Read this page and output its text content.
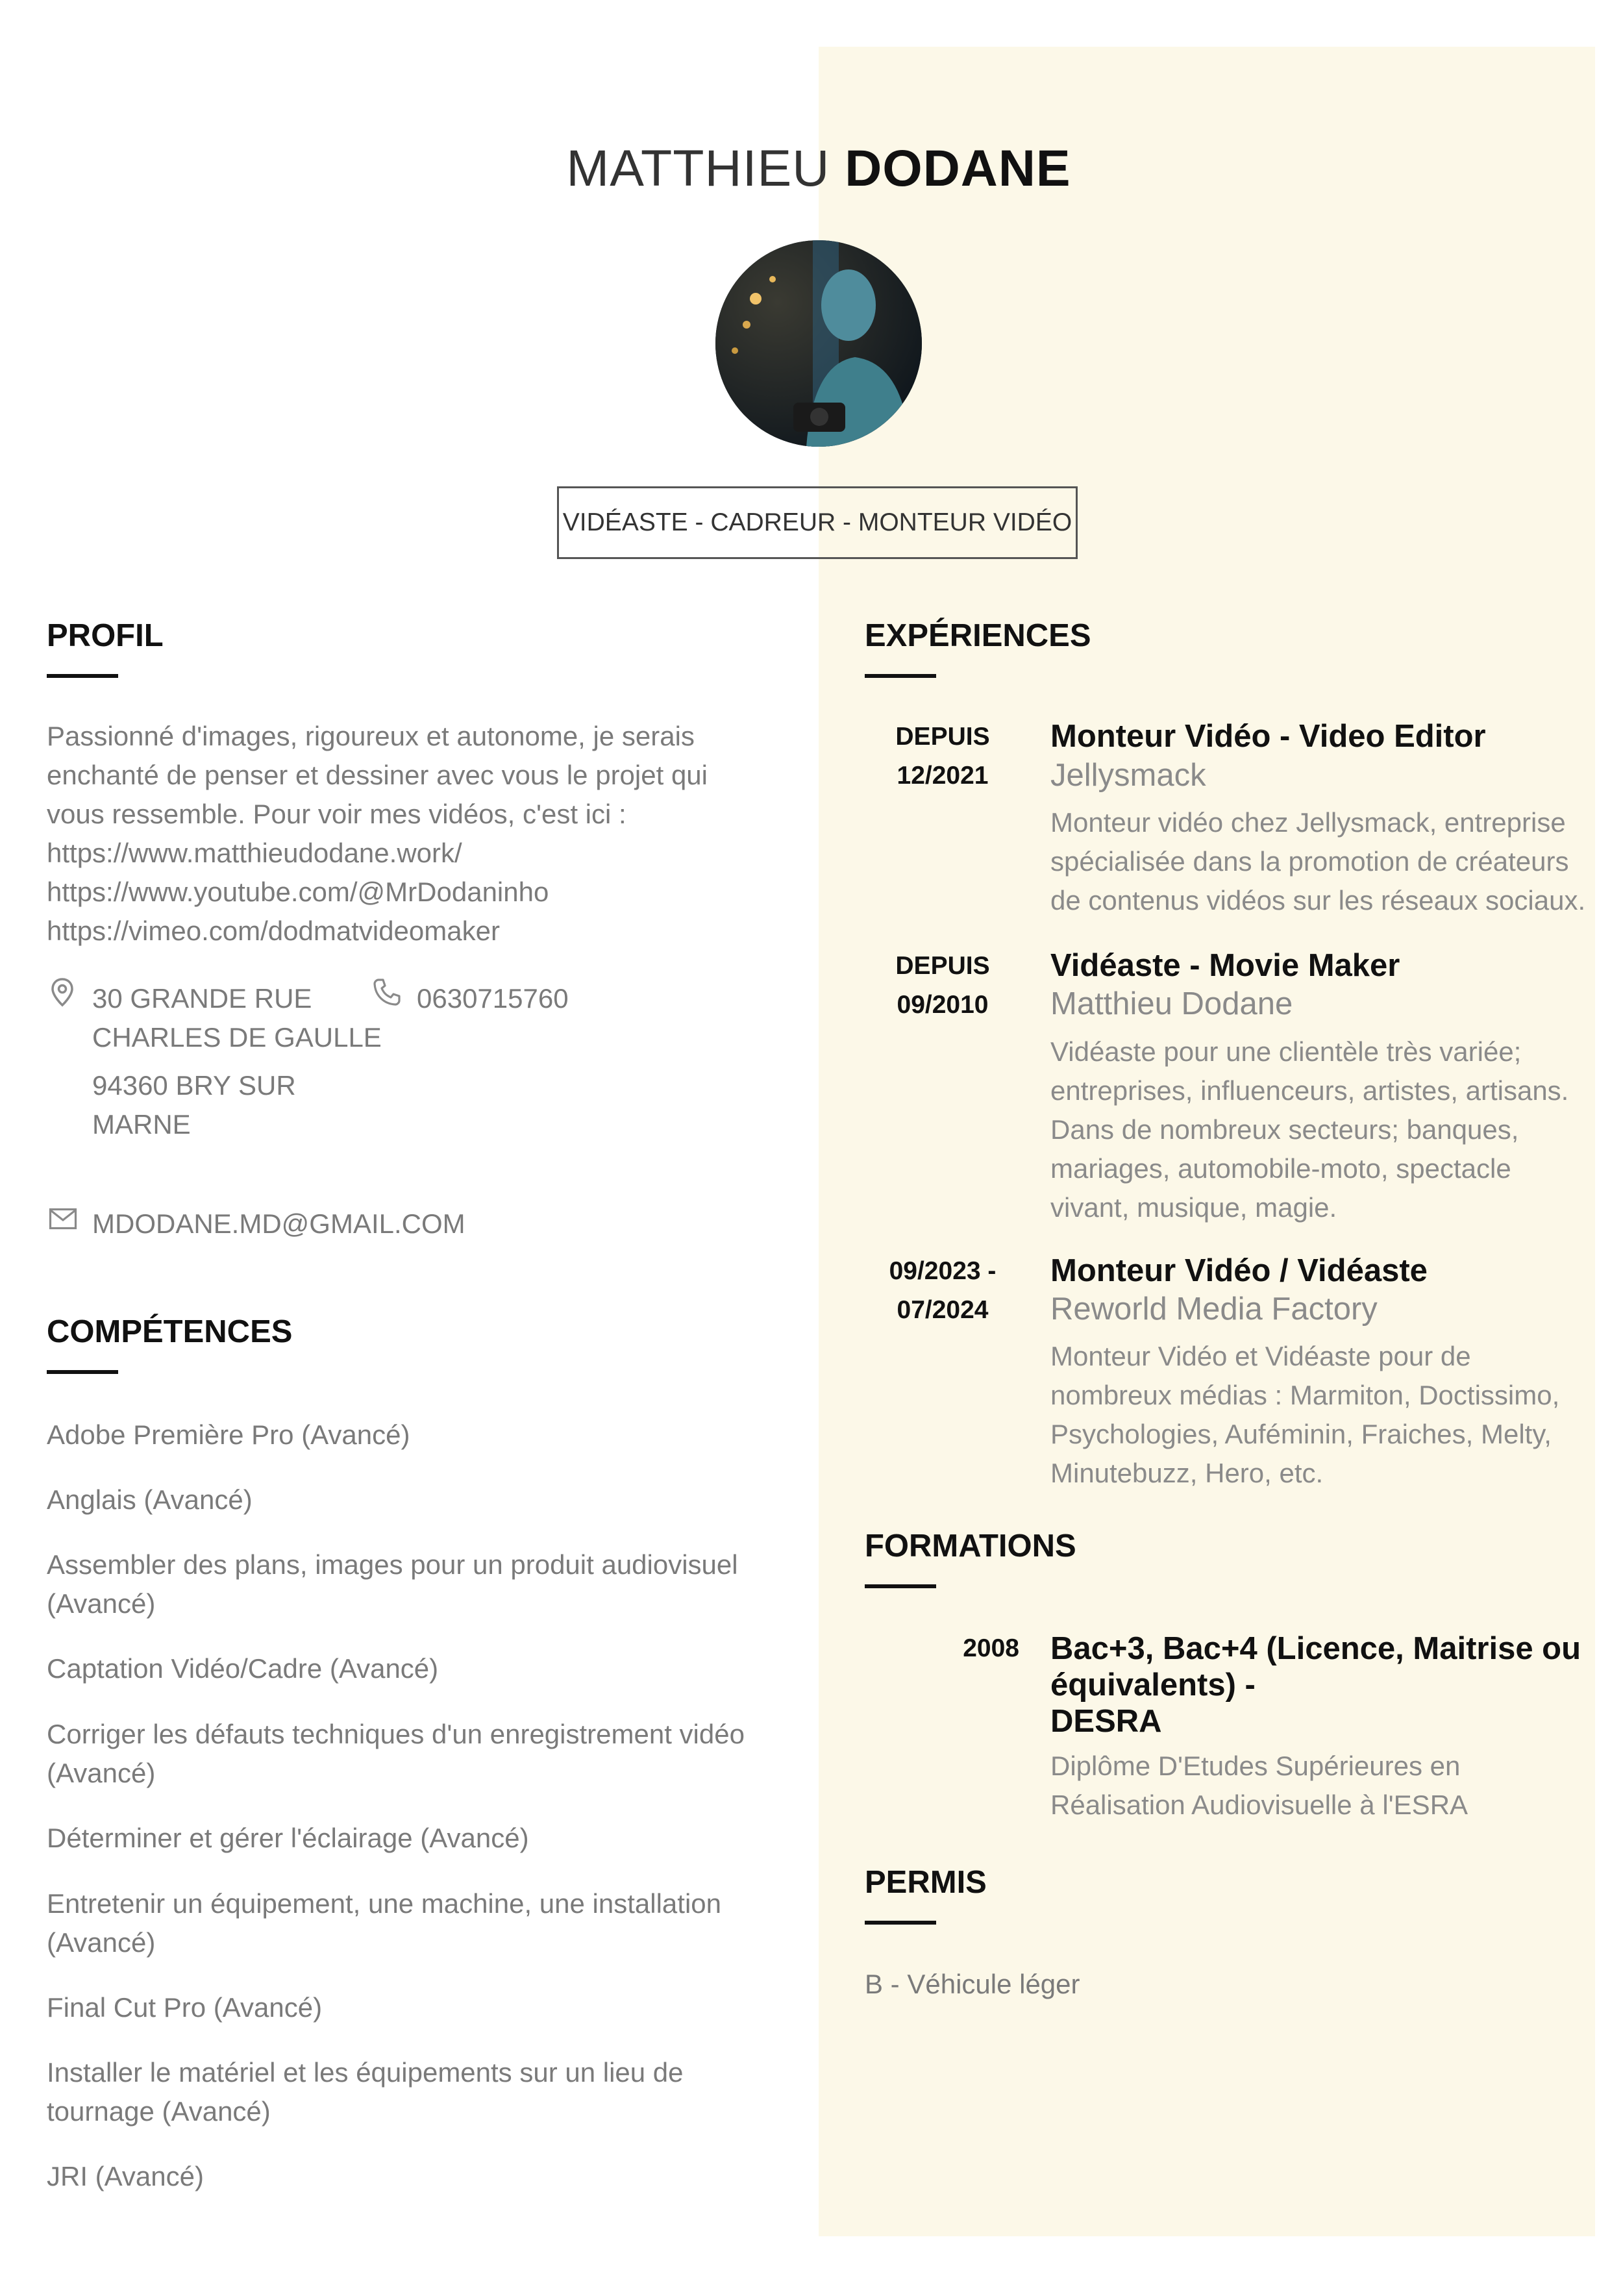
MATTHIEU DODANE
VIDÉASTE - CADREUR - MONTEUR VIDÉO
PROFIL
Passionné d'images, rigoureux et autonome, je serais
enchanté de penser et dessiner avec vous le projet qui
vous ressemble. Pour voir mes vidéos, c'est ici :
https://www.matthieudodane.work/
https://www.youtube.com/@MrDodaninho
https://vimeo.com/dodmatvideomaker
30 GRANDE RUE
CHARLES DE GAULLE
94360 BRY SUR
MARNE
0630715760
MDODANE.MD@GMAIL.COM
COMPÉTENCES
Adobe Première Pro (Avancé)
Anglais (Avancé)
Assembler des plans, images pour un produit audiovisuel
(Avancé)
Captation Vidéo/Cadre (Avancé)
Corriger les défauts techniques d'un enregistrement vidéo
(Avancé)
Déterminer et gérer l'éclairage (Avancé)
Entretenir un équipement, une machine, une installation
(Avancé)
Final Cut Pro (Avancé)
Installer le matériel et les équipements sur un lieu de
tournage (Avancé)
JRI (Avancé)
EXPÉRIENCES
DEPUIS
12/2021
Monteur Vidéo - Video Editor
Jellysmack
Monteur vidéo chez Jellysmack, entreprise
spécialisée dans la promotion de créateurs
de contenus vidéos sur les réseaux sociaux.
DEPUIS
09/2010
Vidéaste - Movie Maker
Matthieu Dodane
Vidéaste pour une clientèle très variée;
entreprises, influenceurs, artistes, artisans.
Dans de nombreux secteurs; banques,
mariages, automobile-moto, spectacle
vivant, musique, magie.
09/2023 -
07/2024
Monteur Vidéo / Vidéaste
Reworld Media Factory
Monteur Vidéo et Vidéaste pour de
nombreux médias : Marmiton, Doctissimo,
Psychologies, Auféminin, Fraiches, Melty,
Minutebuzz, Hero, etc.
FORMATIONS
2008 Bac+3, Bac+4 (Licence, Maitrise ou
équivalents) -
DESRA
Diplôme D'Etudes Supérieures en
Réalisation Audiovisuelle à l'ESRA
PERMIS
B - Véhicule léger
